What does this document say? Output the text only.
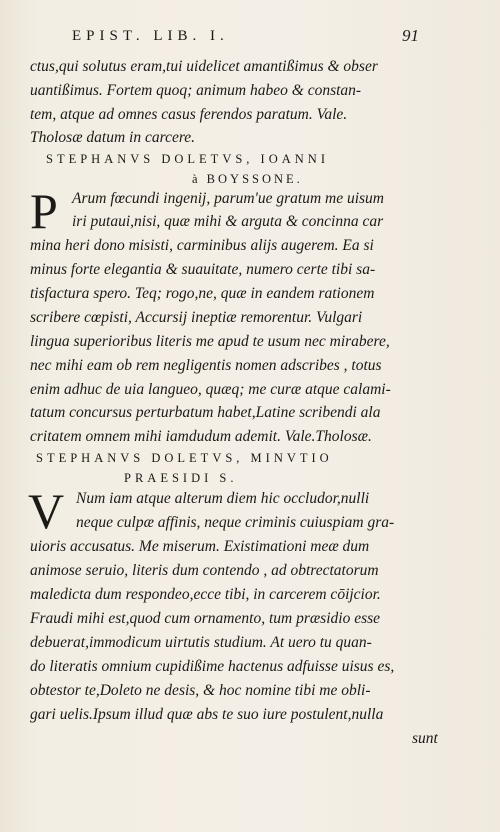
EPIST. LIB. I.	91
ctus,qui solutus eram,tui uidelicet amantißimus & obser
uantißimus. Fortem quoq; animum habeo & constan-
tem, atque ad omnes casus ferendos paratum. Vale.
Tholosæ datum in carcere.
STEPHANVS DOLETVS, IOANNI
à BOYSSONE.
P Arum fœcundi ingenij, parum'ue gratum me uisum
iri putaui,nisi, quæ mihi & arguta & concinna car
mina heri dono misisti, carminibus alijs augerem. Ea si
minus forte elegantia & suauitate, numero certe tibi sa-
tisfactura spero. Teq; rogo,ne, quæ in eandem rationem
scribere cœpisti, Accursij ineptiæ remorentur. Vulgari
lingua superioribus literis me apud te usum nec mirabere,
nec mihi eam ob rem negligentis nomen adscribes , totus
enim adhuc de uia langueo, quæq; me curæ atque calami-
tatum concursus perturbatum habet,Latine scribendi ala
critatem omnem mihi iamdudum ademit. Vale.Tholosæ.
STEPHANVS DOLETVS, MINVTIO
PRAESIDI S.
V Num iam atque alterum diem hic occludor,nulli
neque culpæ affinis, neque criminis cuiuspiam gra-
uioris accusatus. Me miserum. Existimationi meæ dum
animose seruio, literis dum contendo , ad obtrectatorum
maledicta dum respondeo,ecce tibi, in carcerem cōijcior.
Fraudi mihi est,quod cum ornamento, tum præsidio esse
debuerat,immodicum uirtutis studium. At uero tu quan-
do literatis omnium cupidißime hactenus adfuisse uisus es,
obtestor te,Doleto ne desis, & hoc nomine tibi me obli-
gari uelis.Ipsum illud quæ abs te suo iure postulent,nulla
sunt
